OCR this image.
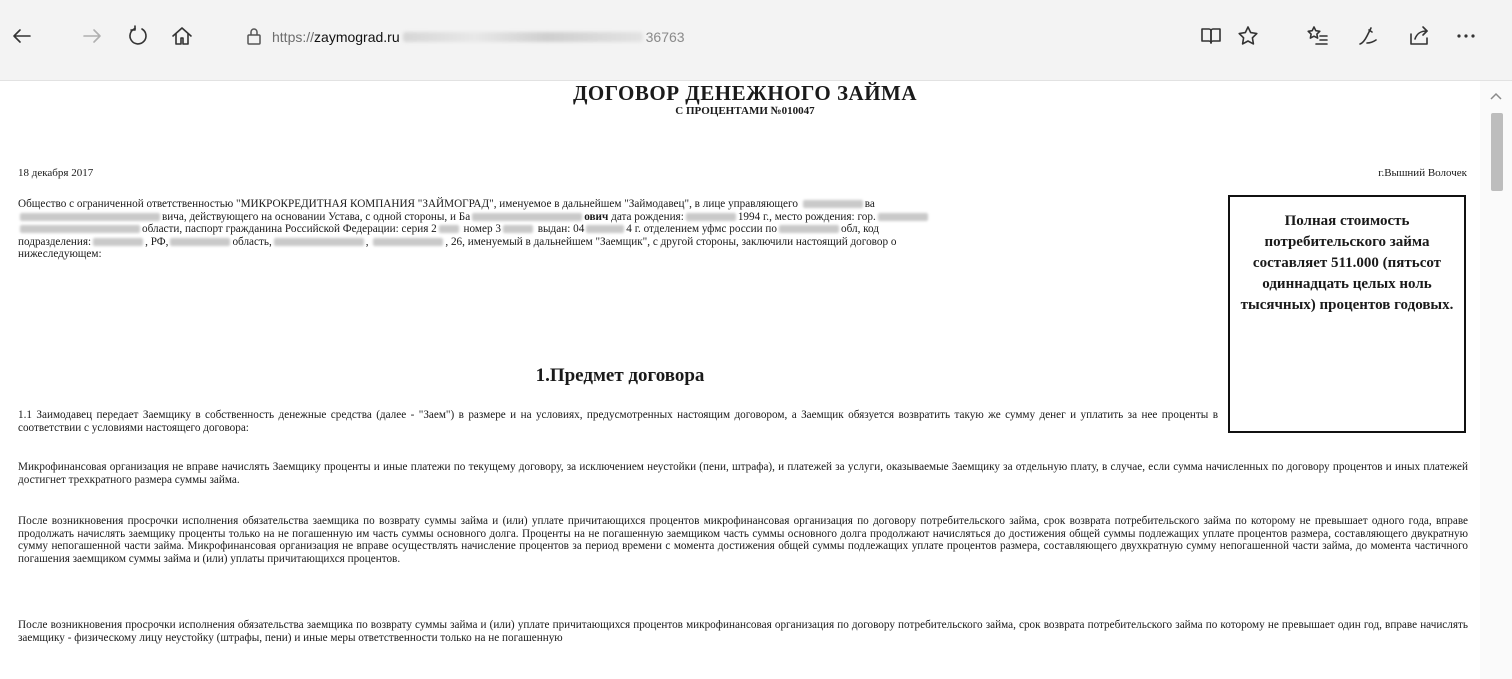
https:// zaymograd.ru	36763
ДОГОВОР ДЕНЕЖНОГО ЗАЙМА
С ПРОЦЕНТАМИ №010047
18 декабря 2017	г.Вышний Волочек
Общество с ограниченной ответственностью "МИКРОКРЕДИТНАЯ КОМПАНИЯ "ЗАЙМОГРАД", именуемое в дальнейшем "Займодавец", в лице управляющего	ва
вича, действующего на основании Устава, с одной стороны, и Ба	ович дата рождения:	1994 г., место рождения: гор.
области, паспорт гражданина Российской Федерации: серия 2 номер 3	выдан: 04	4 г. отделением уфмс россии по	обл, код
подразделения:	, РФ,	область,	,	, 26, именуемый в дальнейшем "Заемщик", с другой стороны, заключили настоящий договор о
нижеследующем:
Полная стоимость потребительского займа составляет 511.000 (пятьсот одиннадцать целых ноль тысячных) процентов годовых.
1.Предмет договора

1.1 Заимодавец передает Заемщику в собственность денежные средства (далее - "Заем") в размере и на условиях, предусмотренных настоящим договором, а Заемщик обязуется возвратить такую же сумму денег и уплатить за нее проценты в соответствии с условиями настоящего договора:

Микрофинансовая организация не вправе начислять Заемщику проценты и иные платежи по текущему договору, за исключением неустойки (пени, штрафа), и платежей за услуги, оказываемые Заемщику за отдельную плату, в случае, если сумма начисленных по договору процентов и иных платежей достигнет трехкратного размера суммы займа.

После возникновения просрочки исполнения обязательства заемщика по возврату суммы займа и (или) уплате причитающихся процентов микрофинансовая организация по договору потребительского займа, срок возврата потребительского займа по которому не превышает одного года, вправе продолжать начислять заемщику проценты только на не погашенную им часть суммы основного долга. Проценты на не погашенную заемщиком часть суммы основного долга продолжают начисляться до достижения общей суммы подлежащих уплате процентов размера, составляющего двукратную сумму непогашенной части займа. Микрофинансовая организация не вправе осуществлять начисление процентов за период времени с момента достижения общей суммы подлежащих уплате процентов размера, составляющего двухкратную сумму непогашенной части займа, до момента частичного погашения заемщиком суммы займа и (или) уплаты причитающихся процентов.

После возникновения просрочки исполнения обязательства заемщика по возврату суммы займа и (или) уплате причитающихся процентов микрофинансовая организация по договору потребительского займа, срок возврата потребительского займа по которому не превышает один год, вправе начислять заемщику - физическому лицу неустойку (штрафы, пени) и иные меры ответственности только на не погашенную
